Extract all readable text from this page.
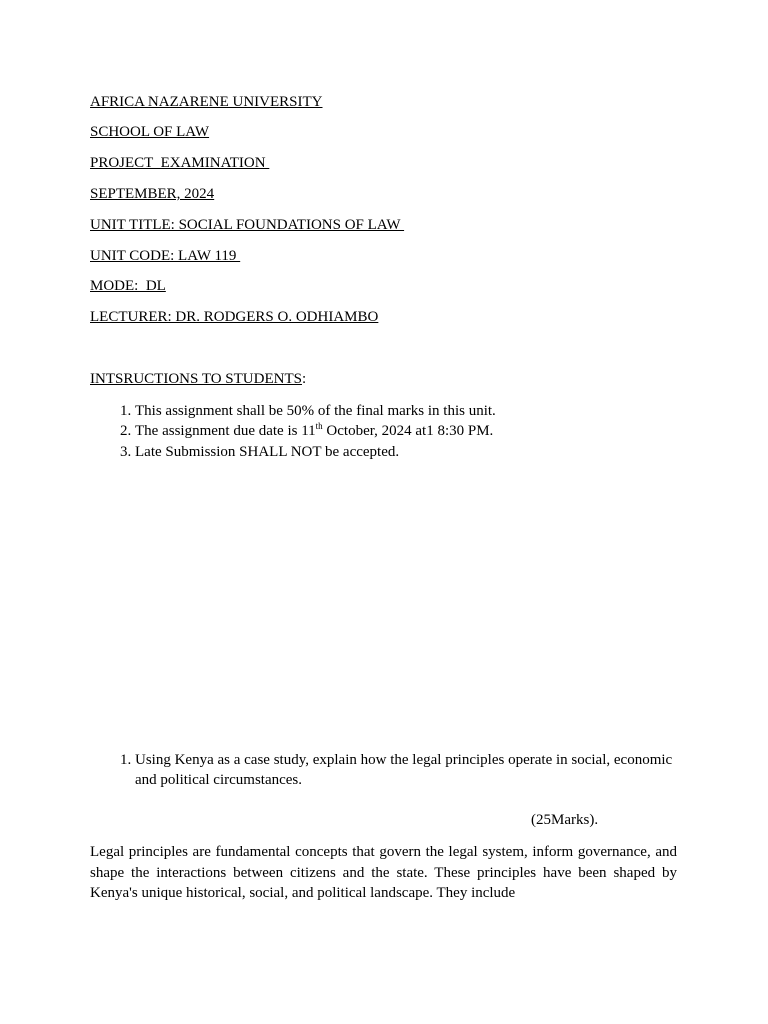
AFRICA NAZARENE UNIVERSITY

SCHOOL OF LAW

PROJECT  EXAMINATION

SEPTEMBER, 2024

UNIT TITLE: SOCIAL FOUNDATIONS OF LAW

UNIT CODE: LAW 119

MODE:  DL

LECTURER: DR. RODGERS O. ODHIAMBO

INTSRUCTIONS TO STUDENTS:

1. This assignment shall be 50% of the final marks in this unit.
2. The assignment due date is 11th October, 2024 at1 8:30 PM.
3. Late Submission SHALL NOT be accepted.
1. Using Kenya as a case study, explain how the legal principles operate in social, economic and political circumstances.

(25Marks).

Legal principles are fundamental concepts that govern the legal system, inform governance, and shape the interactions between citizens and the state. These principles have been shaped by Kenya's unique historical, social, and political landscape. They include
